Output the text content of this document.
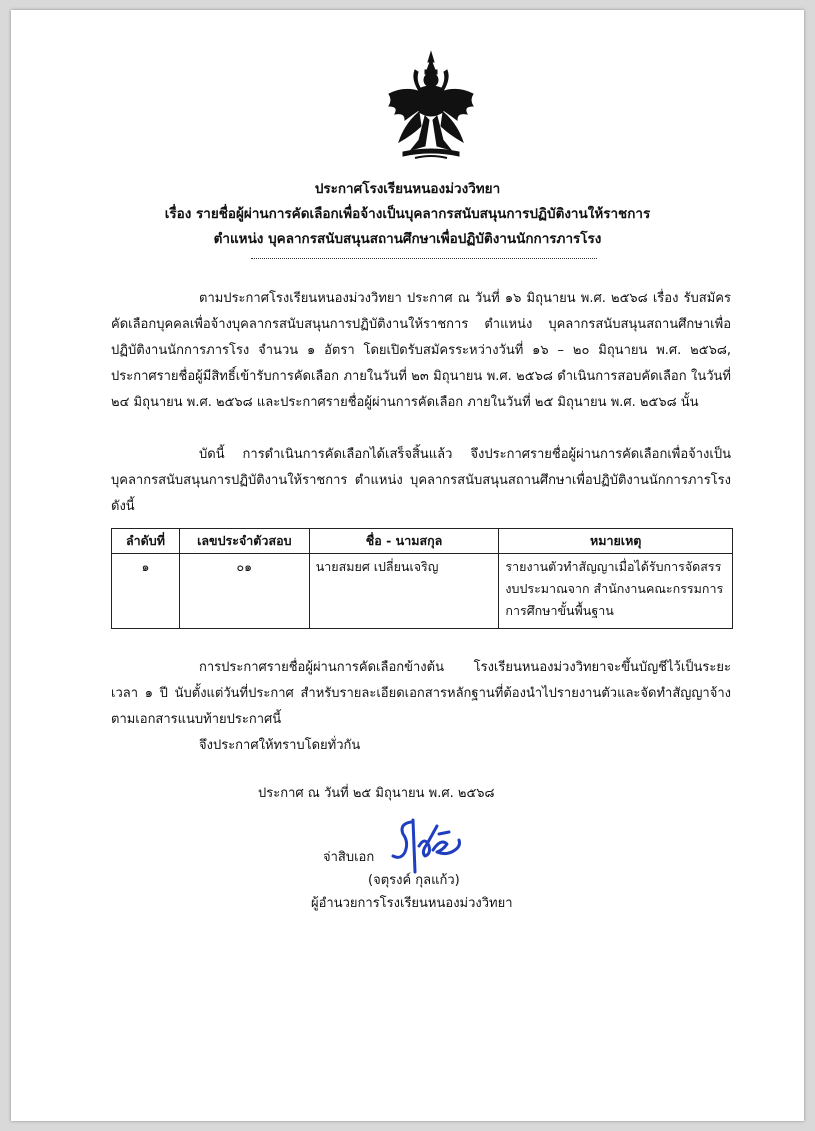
ประกาศโรงเรียนหนองม่วงวิทยา
เรื่อง รายชื่อผู้ผ่านการคัดเลือกเพื่อจ้างเป็นบุคลากรสนับสนุนการปฏิบัติงานให้ราชการ
ตำแหน่ง บุคลากรสนับสนุนสถานศึกษาเพื่อปฏิบัติงานนักการภารโรง

ตามประกาศโรงเรียนหนองม่วงวิทยา ประกาศ ณ วันที่ ๑๖ มิถุนายน พ.ศ. ๒๕๖๘ เรื่อง รับสมัครคัดเลือกบุคคลเพื่อจ้างบุคลากรสนับสนุนการปฏิบัติงานให้ราชการ ตำแหน่ง บุคลากรสนับสนุนสถานศึกษาเพื่อปฏิบัติงานนักการภารโรง จำนวน ๑ อัตรา โดยเปิดรับสมัครระหว่างวันที่ ๑๖ – ๒๐ มิถุนายน พ.ศ. ๒๕๖๘, ประกาศรายชื่อผู้มีสิทธิ์เข้ารับการคัดเลือก ภายในวันที่ ๒๓ มิถุนายน พ.ศ. ๒๕๖๘ ดำเนินการสอบคัดเลือก ในวันที่ ๒๔ มิถุนายน พ.ศ. ๒๕๖๘ และประกาศรายชื่อผู้ผ่านการคัดเลือก ภายในวันที่ ๒๕ มิถุนายน พ.ศ. ๒๕๖๘ นั้น

บัดนี้ การดำเนินการคัดเลือกได้เสร็จสิ้นแล้ว จึงประกาศรายชื่อผู้ผ่านการคัดเลือกเพื่อจ้างเป็นบุคลากรสนับสนุนการปฏิบัติงานให้ราชการ ตำแหน่ง บุคลากรสนับสนุนสถานศึกษาเพื่อปฏิบัติงานนักการภารโรง ดังนี้

ลำดับที่	เลขประจำตัวสอบ	ชื่อ - นามสกุล	หมายเหตุ
๑	๐๑	นายสมยศ เปลี่ยนเจริญ	รายงานตัวทำสัญญาเมื่อได้รับการจัดสรรงบประมาณจาก สำนักงานคณะกรรมการการศึกษาขั้นพื้นฐาน

การประกาศรายชื่อผู้ผ่านการคัดเลือกข้างต้น โรงเรียนหนองม่วงวิทยาจะขึ้นบัญชีไว้เป็นระยะเวลา ๑ ปี นับตั้งแต่วันที่ประกาศ สำหรับรายละเอียดเอกสารหลักฐานที่ต้องนำไปรายงานตัวและจัดทำสัญญาจ้าง ตามเอกสารแนบท้ายประกาศนี้

จึงประกาศให้ทราบโดยทั่วกัน

ประกาศ ณ วันที่ ๒๕ มิถุนายน พ.ศ. ๒๕๖๘
จ่าสิบเอก
(จตุรงค์ กุลแก้ว)
ผู้อำนวยการโรงเรียนหนองม่วงวิทยา
